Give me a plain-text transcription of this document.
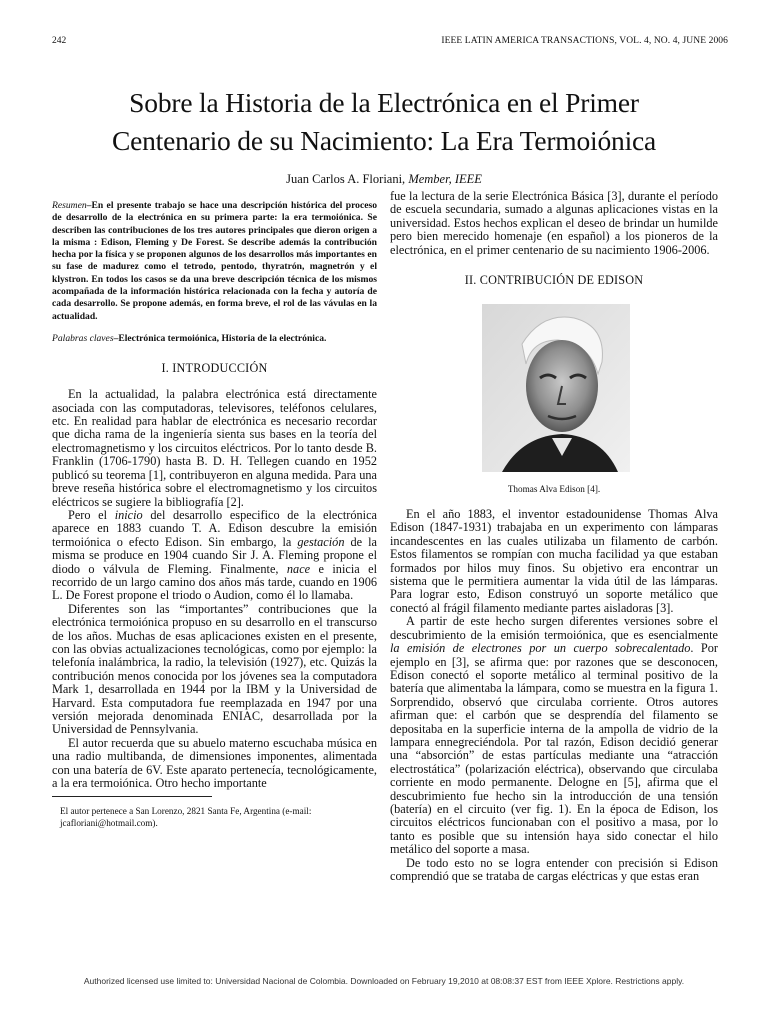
242	IEEE LATIN AMERICA TRANSACTIONS, VOL. 4, NO. 4, JUNE 2006
Sobre la Historia de la Electrónica en el Primer
Centenario de su Nacimiento: La Era Termoiónica
Juan Carlos A. Floriani, Member, IEEE
Resumen–En el presente trabajo se hace una descripción histórica del proceso de desarrollo de la electrónica en su primera parte: la era termoiónica. Se describen las contribuciones de los tres autores principales que dieron origen a la misma : Edison, Fleming y De Forest. Se describe además la contribución hecha por la física y se proponen algunos de los desarrollos más importantes en su fase de madurez como el tetrodo, pentodo, thyratrón, magnetrón y el klystron. En todos los casos se da una breve descripción técnica de los mismos acompañada de la información histórica relacionada con la fecha y autoría de cada desarrollo. Se propone además, en forma breve, el rol de las vávulas en la actualidad.
Palabras claves–Electrónica termoiónica, Historia de la electrónica.
I. INTRODUCCIÓN

En la actualidad, la palabra electrónica está directamente asociada con las computadoras, televisores, teléfonos celulares, etc. En realidad para hablar de electrónica es necesario recordar que dicha rama de la ingeniería sienta sus bases en la teoría del electromagnetismo y los circuitos eléctricos. Por lo tanto desde B. Franklin (1706-1790) hasta B. D. H. Tellegen cuando en 1952 publicó su teorema [1], contribuyeron en alguna medida. Para una breve reseña histórica sobre el electromagnetismo y los circuitos eléctricos se sugiere la bibliografía [2].

Pero el inicio del desarrollo especifico de la electrónica aparece en 1883 cuando T. A. Edison descubre la emisión termoiónica o efecto Edison. Sin embargo, la gestación de la misma se produce en 1904 cuando Sir J. A. Fleming propone el diodo o válvula de Fleming. Finalmente, nace e inicia el recorrido de un largo camino dos años más tarde, cuando en 1906 L. De Forest propone el triodo o Audion, como él lo llamaba.

Diferentes son las “importantes” contribuciones que la electrónica termoiónica propuso en su desarrollo en el transcurso de los años. Muchas de esas aplicaciones existen en el presente, con las obvias actualizaciones tecnológicas, como por ejemplo: la telefonía inalámbrica, la radio, la televisión (1927), etc. Quizás la contribución menos conocida por los jóvenes sea la computadora Mark 1, desarrollada en 1944 por la IBM y la Universidad de Harvard. Esta computadora fue reemplazada en 1947 por una versión mejorada denominada ENIAC, desarrollada por la Universidad de Pennsylvania.

El autor recuerda que su abuelo materno escuchaba música en una radio multibanda, de dimensiones imponentes, alimentada con una batería de 6V. Este aparato pertenecía, tecnológicamente, a la era termoiónica. Otro hecho importante

El autor pertenece a San Lorenzo, 2821 Santa Fe, Argentina (e-mail: jcafloriani@hotmail.com).

fue la lectura de la serie Electrónica Básica [3], durante el período de escuela secundaria, sumado a algunas aplicaciones vistas en la universidad. Estos hechos explican el deseo de brindar un humilde pero bien merecido homenaje (en español) a los pioneros de la electrónica, en el primer centenario de su nacimiento 1906-2006.

II. CONTRIBUCIÓN DE EDISON
Thomas Alva Edison [4].

En el año 1883, el inventor estadounidense Thomas Alva Edison (1847-1931) trabajaba en un experimento con lámparas incandescentes en las cuales utilizaba un filamento de carbón. Estos filamentos se rompían con mucha facilidad ya que estaban formados por hilos muy finos. Su objetivo era encontrar un sistema que le permitiera aumentar la vida útil de las lámparas. Para lograr esto, Edison construyó un soporte metálico que conectó al frágil filamento mediante partes aisladoras [3].

A partir de este hecho surgen diferentes versiones sobre el descubrimiento de la emisión termoiónica, que es esencialmente la emisión de electrones por un cuerpo sobrecalentado. Por ejemplo en [3], se afirma que: por razones que se desconocen, Edison conectó el soporte metálico al terminal positivo de la batería que alimentaba la lámpara, como se muestra en la figura 1. Sorprendido, observó que circulaba corriente. Otros autores afirman que: el carbón que se desprendía del filamento se depositaba en la superficie interna de la ampolla de vidrio de la lampara ennegreciéndola. Por tal razón, Edison decidió generar una “absorción” de estas partículas mediante una “atracción electrostática” (polarización eléctrica), observando que circulaba corriente en modo permanente. Delogne en [5], afirma que el descubrimiento fue hecho sin la introducción de una tensión (batería) en el circuito (ver fig. 1). En la época de Edison, los circuitos eléctricos funcionaban con el positivo a masa, por lo tanto es posible que su intensión haya sido conectar el hilo metálico del soporte a masa.

De todo esto no se logra entender con precisión si Edison comprendió que se trataba de cargas eléctricas y que estas eran

Authorized licensed use limited to: Universidad Nacional de Colombia. Downloaded on February 19,2010 at 08:08:37 EST from IEEE Xplore. Restrictions apply.
